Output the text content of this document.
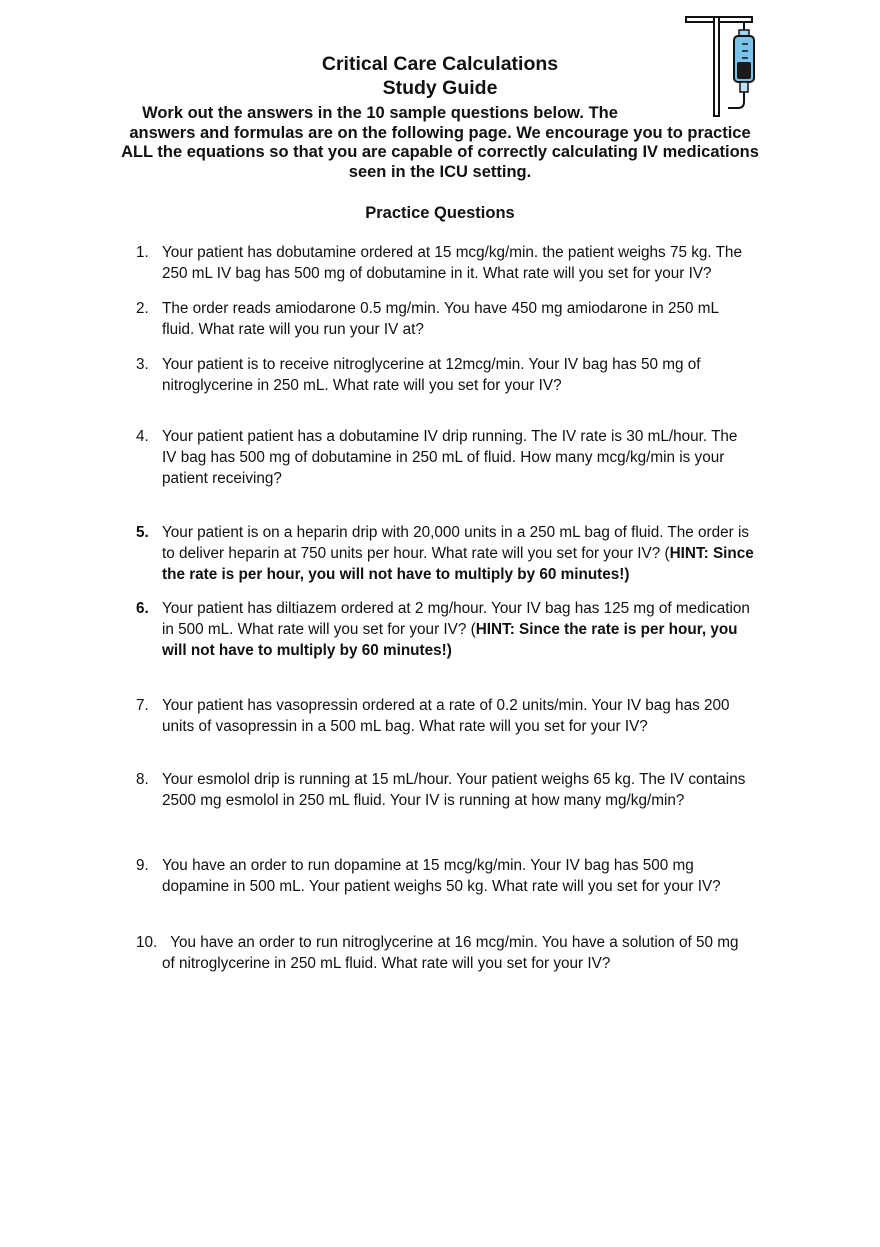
Critical Care Calculations
Study Guide
Work out the answers in the 10 sample questions below. The
answers and formulas are on the following page. We encourage you to practice
ALL the equations so that you are capable of correctly calculating IV medications
seen in the ICU setting.
Practice Questions
1. Your patient has dobutamine ordered at 15 mcg/kg/min. the patient weighs 75 kg. The
250 mL IV bag has 500 mg of dobutamine in it. What rate will you set for your IV?
2. The order reads amiodarone 0.5 mg/min. You have 450 mg amiodarone in 250 mL
fluid. What rate will you run your IV at?
3. Your patient is to receive nitroglycerine at 12mcg/min. Your IV bag has 50 mg of
nitroglycerine in 250 mL. What rate will you set for your IV?
4. Your patient patient has a dobutamine IV drip running. The IV rate is 30 mL/hour. The
IV bag has 500 mg of dobutamine in 250 mL of fluid. How many mcg/kg/min is your
patient receiving?
5. Your patient is on a heparin drip with 20,000 units in a 250 mL bag of fluid. The order is
to deliver heparin at 750 units per hour. What rate will you set for your IV? (HINT: Since
the rate is per hour, you will not have to multiply by 60 minutes!)
6. Your patient has diltiazem ordered at 2 mg/hour. Your IV bag has 125 mg of medication
in 500 mL. What rate will you set for your IV? (HINT: Since the rate is per hour, you
will not have to multiply by 60 minutes!)
7. Your patient has vasopressin ordered at a rate of 0.2 units/min. Your IV bag has 200
units of vasopressin in a 500 mL bag. What rate will you set for your IV?
8. Your esmolol drip is running at 15 mL/hour. Your patient weighs 65 kg. The IV contains
2500 mg esmolol in 250 mL fluid. Your IV is running at how many mg/kg/min?
9. You have an order to run dopamine at 15 mcg/kg/min. Your IV bag has 500 mg
dopamine in 500 mL. Your patient weighs 50 kg. What rate will you set for your IV?
10. You have an order to run nitroglycerine at 16 mcg/min. You have a solution of 50 mg
of nitroglycerine in 250 mL fluid. What rate will you set for your IV?
